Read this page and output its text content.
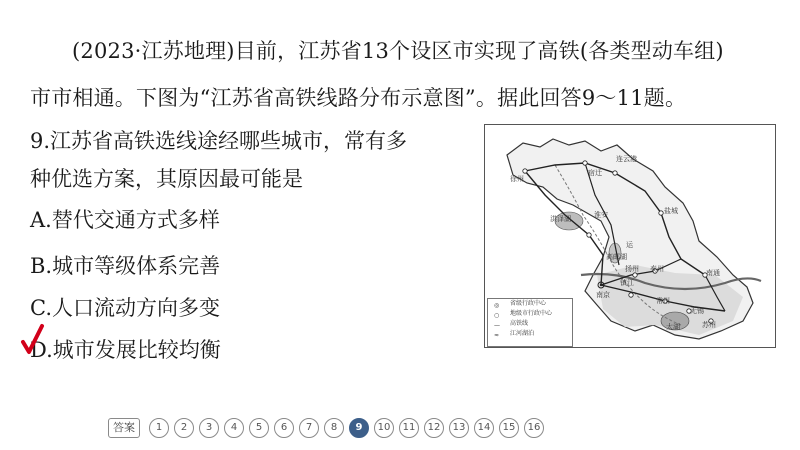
(2023·江苏地理)目前，江苏省13个设区市实现了高铁(各类型动车组)
市市相通。下图为“江苏省高铁线路分布示意图”。据此回答9～11题。
9.江苏省高铁选线途经哪些城市，常有多
种优选方案，其原因最可能是
A.替代交通方式多样
B.城市等级体系完善
C.人口流动方向多变
D.城市发展比较均衡
徐州
连云港
宿迁
淮安
洪泽湖
盐城
高邮湖
运
扬州 泰州	南通
南京
镇江
常州
无锡
苏州
太湖
◎ 省级行政中心
○ 地级市行政中心
— 高铁线
≈ 江河湖泊
答案	1	2	3	4	5	6	7	8	9	10	11	12	13	14	15	16
